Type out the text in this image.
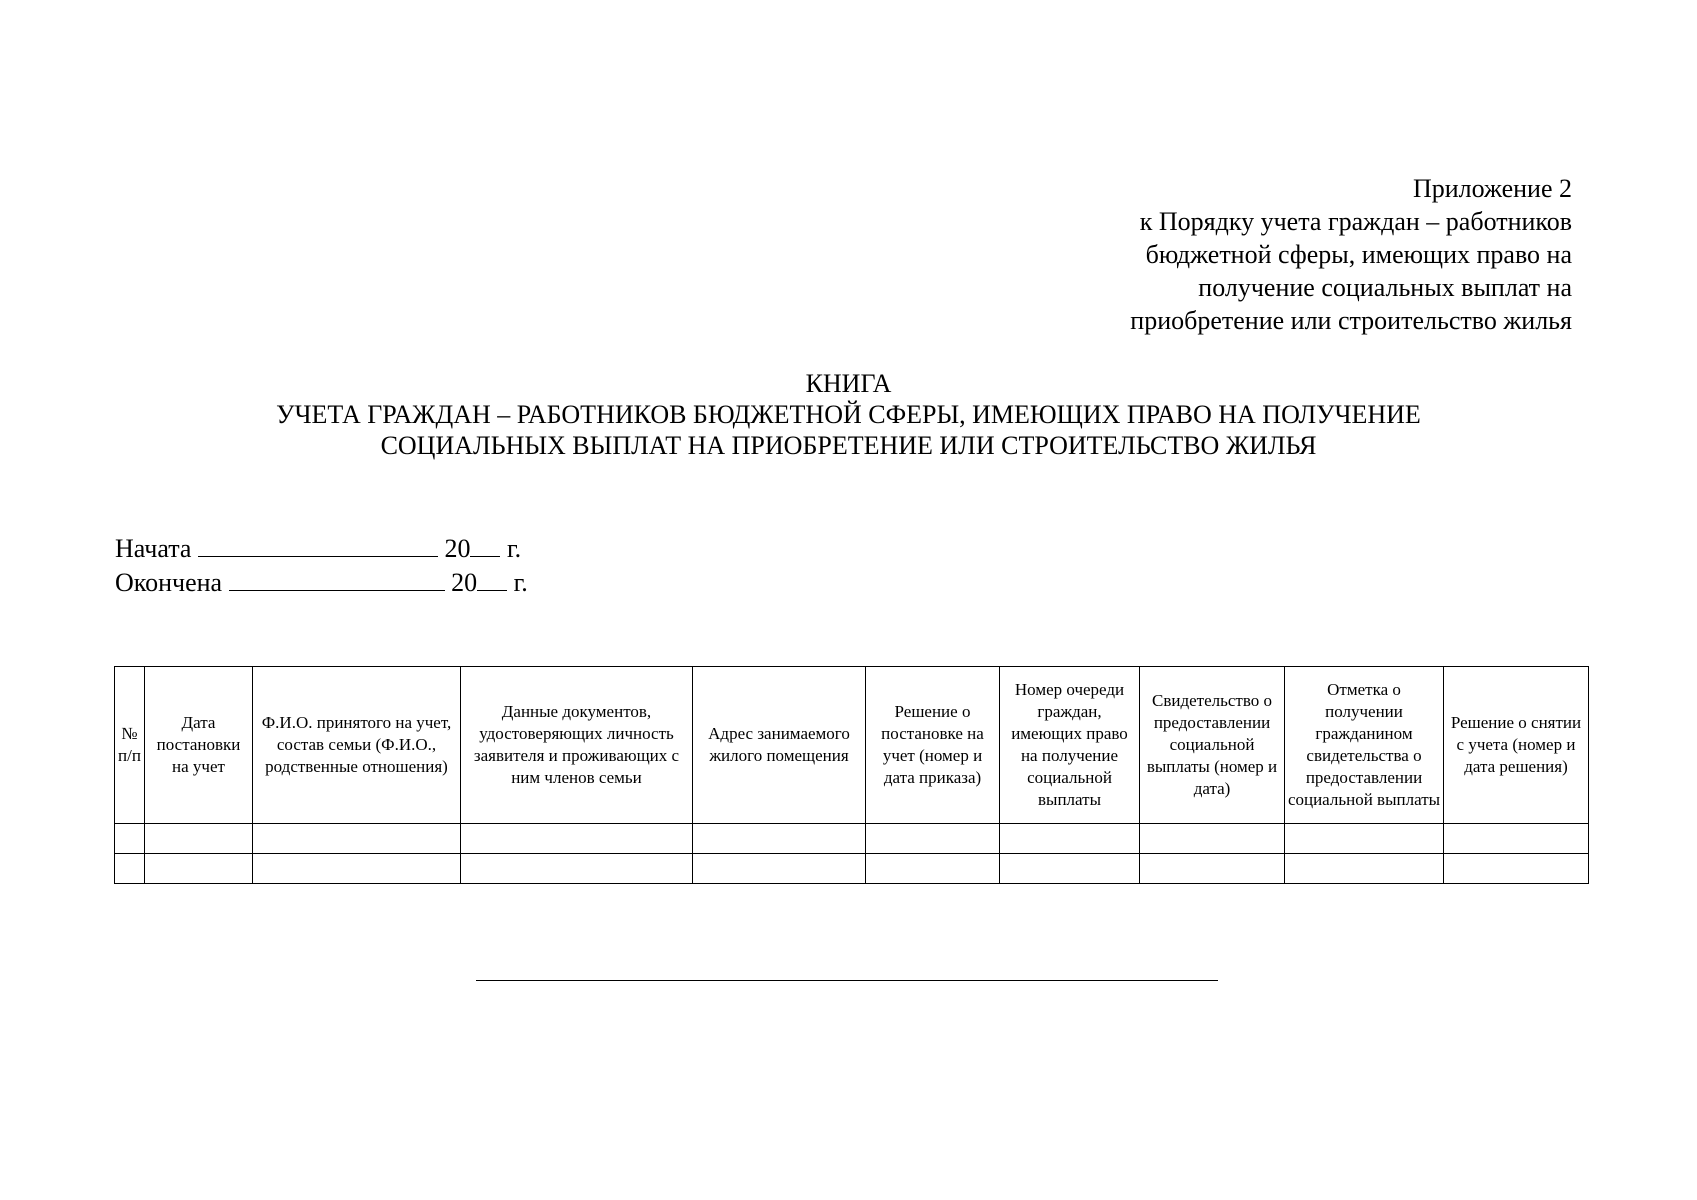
Приложение 2
к Порядку учета граждан – работников
бюджетной сферы, имеющих право на
получение социальных выплат на
приобретение или строительство жилья
КНИГА
УЧЕТА ГРАЖДАН – РАБОТНИКОВ БЮДЖЕТНОЙ СФЕРЫ, ИМЕЮЩИХ ПРАВО НА ПОЛУЧЕНИЕ
СОЦИАЛЬНЫХ ВЫПЛАТ НА ПРИОБРЕТЕНИЕ ИЛИ СТРОИТЕЛЬСТВО ЖИЛЬЯ
Начата	20 г.
Окончена	20 г.
№ п/п	Дата постановки на учет	Ф.И.О. принятого на учет, состав семьи (Ф.И.О., родственные отношения)	Данные документов, удостоверяющих личность заявителя и проживающих с ним членов семьи	Адрес занимаемого жилого помещения	Решение о постановке на учет (номер и дата приказа)	Номер очереди граждан, имеющих право на получение социальной выплаты	Свидетельство о предоставлении социальной выплаты (номер и дата)	Отметка о получении гражданином свидетельства о предоставлении социальной выплаты	Решение о снятии с учета (номер и дата решения)
